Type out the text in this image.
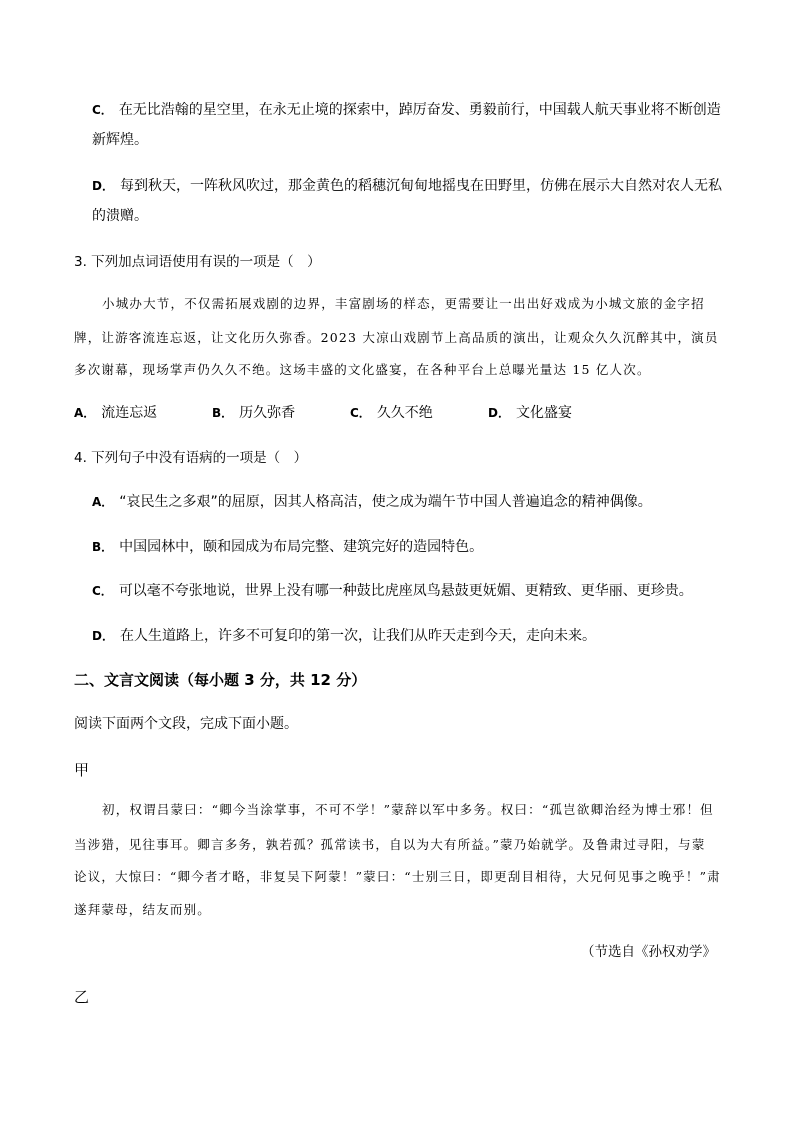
C． 在无比浩翰的星空里，在永无止境的探索中，踔厉奋发、勇毅前行，中国载人航天事业将不断创造
新辉煌。
D． 每到秋天，一阵秋风吹过，那金黄色的稻穗沉甸甸地摇曳在田野里，仿佛在展示大自然对农人无私
的溃赠。
3. 下列加点词语使用有误的一项是（　）
小城办大节，不仅需拓展戏剧的边界，丰富剧场的样态，更需要让一出出好戏成为小城文旅的金字招
牌，让游客流连忘返，让文化历久弥香。2023 大凉山戏剧节上高品质的演出，让观众久久沉醉其中，演员
多次谢幕，现场掌声仍久久不绝。这场丰盛的文化盛宴，在各种平台上总曝光量达 15 亿人次。
A． 流连忘返	B． 历久弥香	C． 久久不绝	D． 文化盛宴
4. 下列句子中没有语病的一项是（　）
A． “哀民生之多艰”的屈原，因其人格高洁，使之成为端午节中国人普遍追念的精神偶像。
B． 中国园林中，颐和园成为布局完整、建筑完好的造园特色。
C． 可以毫不夸张地说，世界上没有哪一种鼓比虎座凤鸟悬鼓更妩媚、更精致、更华丽、更珍贵。
D． 在人生道路上，许多不可复印的第一次，让我们从昨天走到今天，走向未来。
二、文言文阅读（每小题 3 分，共 12 分）
阅读下面两个文段，完成下面小题。
甲
初，权谓吕蒙曰：“卿今当涂掌事，不可不学！”蒙辞以军中多务。权曰：“孤岂欲卿治经为博士邪！但
当涉猎，见往事耳。卿言多务，孰若孤？孤常读书，自以为大有所益。”蒙乃始就学。及鲁肃过寻阳，与蒙
论议，大惊曰：“卿今者才略，非复吴下阿蒙！”蒙曰：“士别三日，即更刮目相待，大兄何见事之晚乎！”肃
遂拜蒙母，结友而别。
（节选自《孙权劝学》
乙
